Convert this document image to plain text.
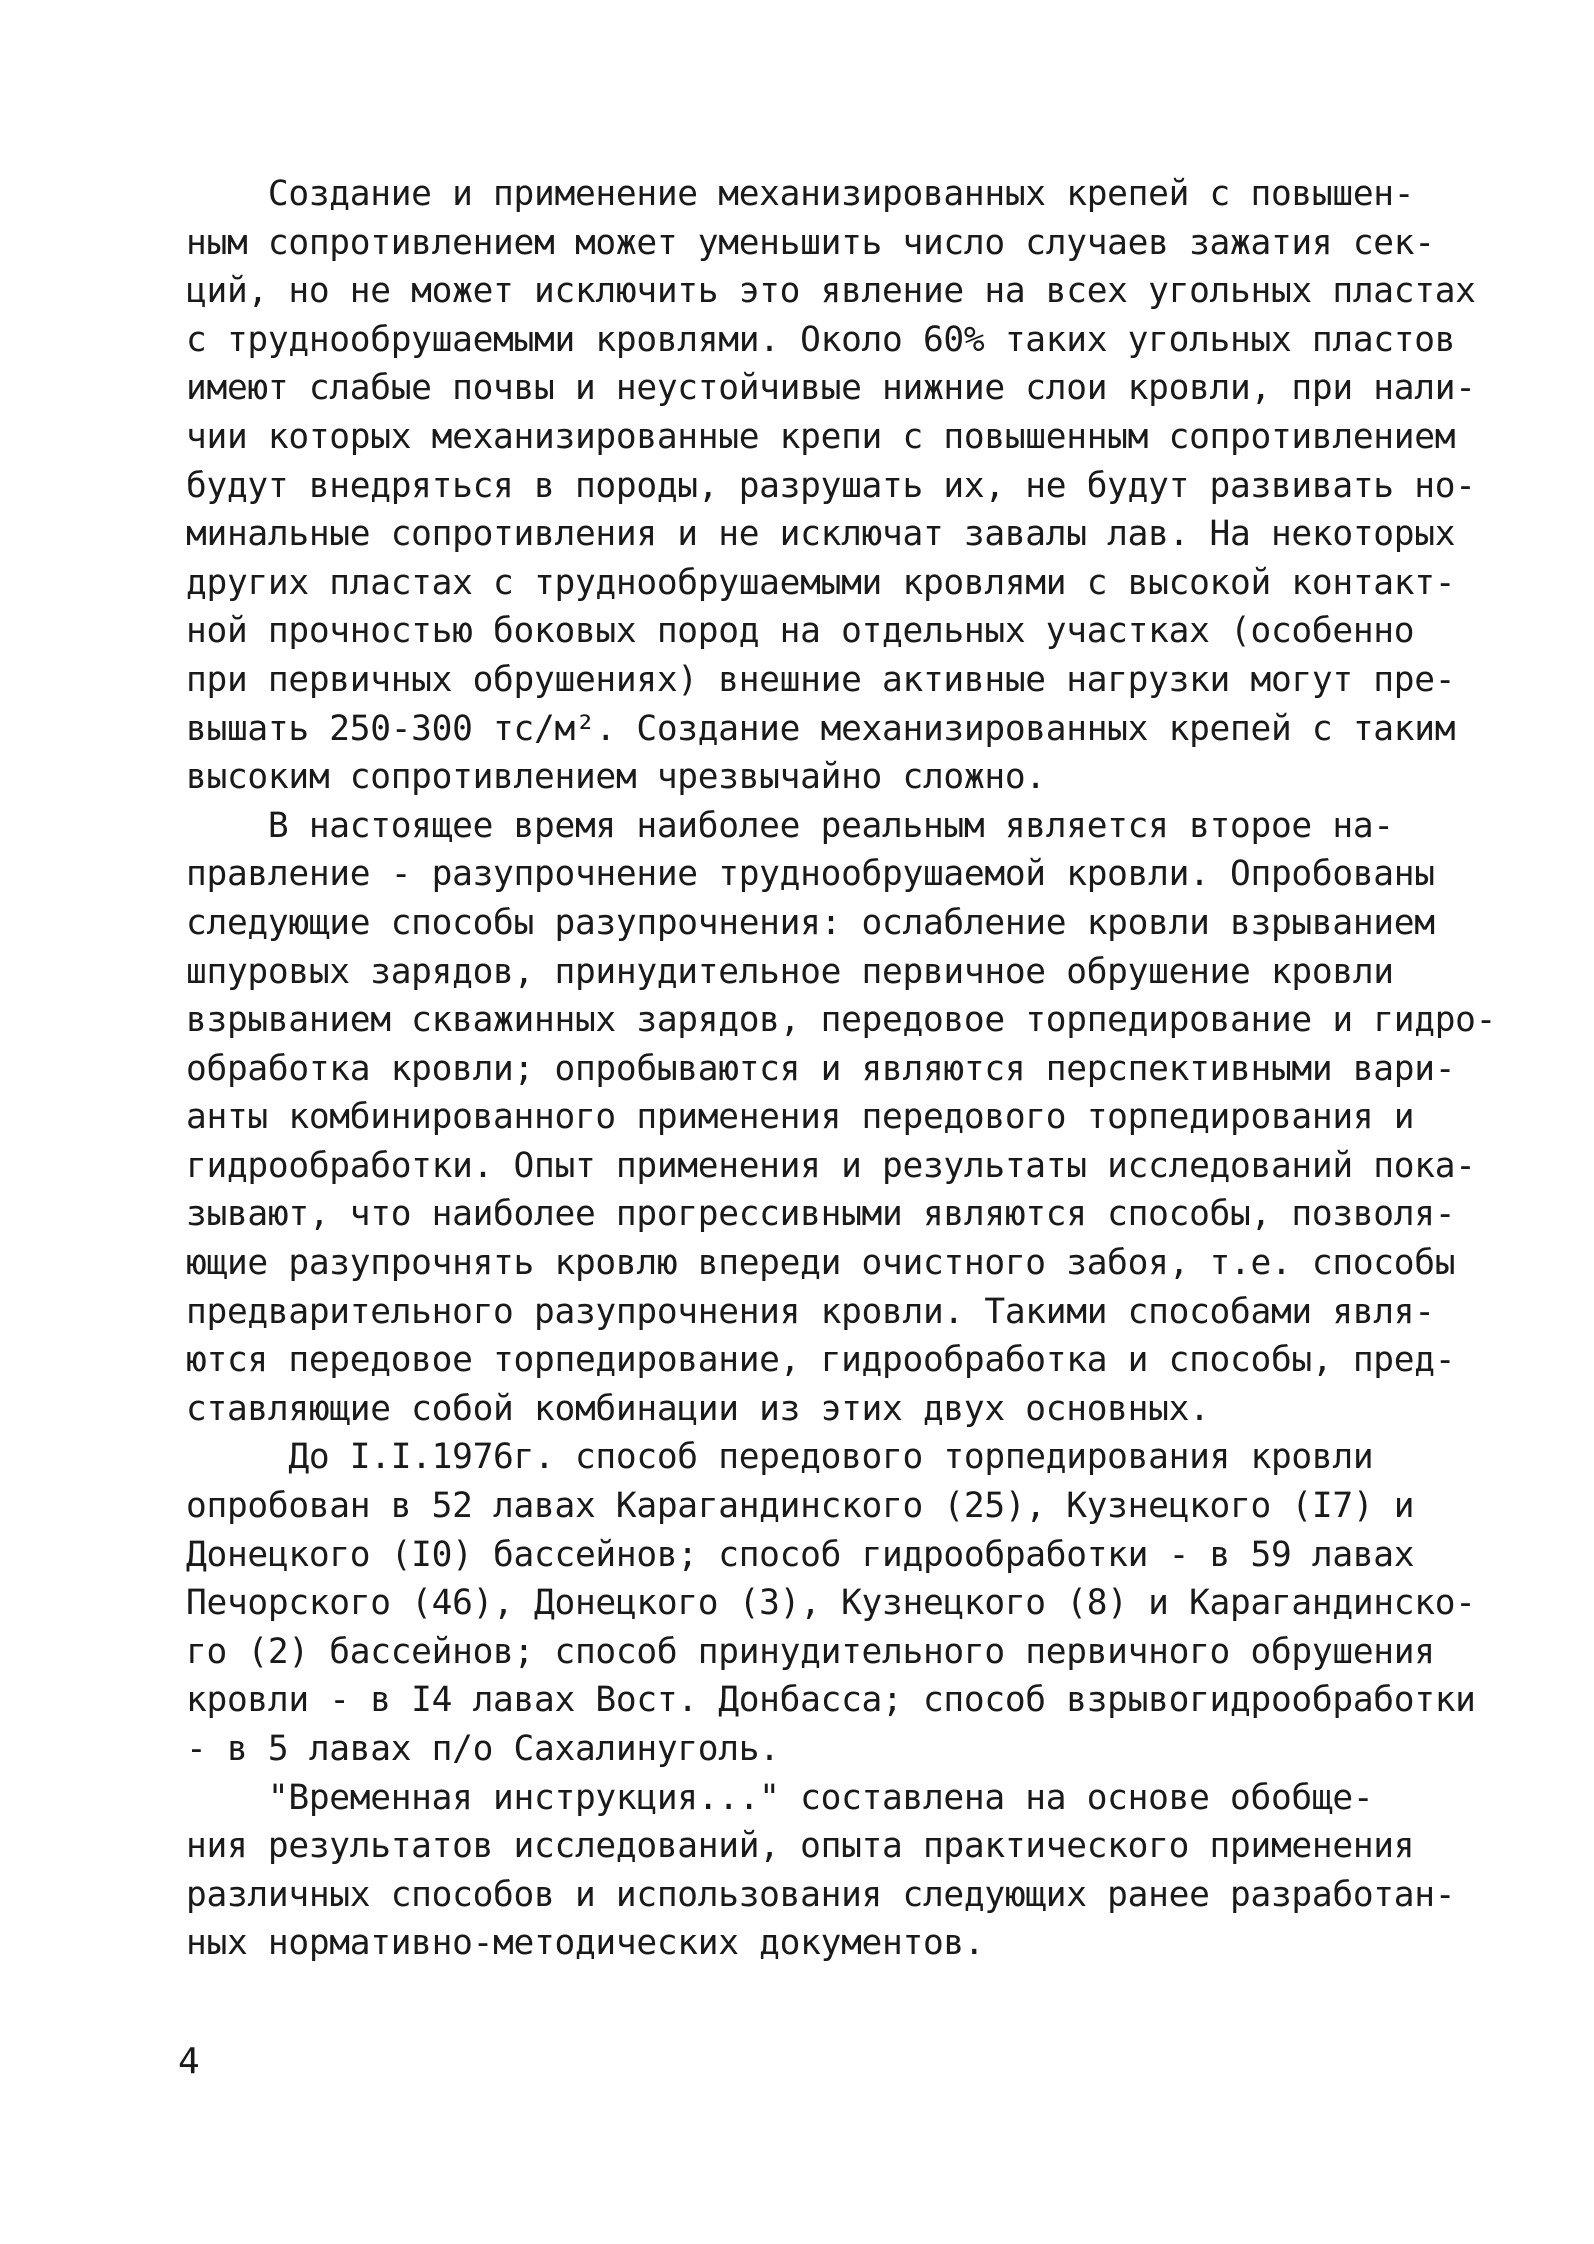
Создание и применение механизированных крепей с повышен-
ным сопротивлением может уменьшить число случаев зажатия сек-
ций, но не может исключить это явление на всех угольных пластах
с труднообрушаемыми кровлями. Около 60% таких угольных пластов
имеют слабые почвы и неустойчивые нижние слои кровли, при нали-
чии которых механизированные крепи с повышенным сопротивлением
будут внедряться в породы, разрушать их, не будут развивать но-
минальные сопротивления и не исключат завалы лав. На некоторых
других пластах с труднообрушаемыми кровлями с высокой контакт-
ной прочностью боковых пород на отдельных участках (особенно
при первичных обрушениях) внешние активные нагрузки могут пре-
вышать 250-300 тс/м². Создание механизированных крепей с таким
высоким сопротивлением чрезвычайно сложно.
В настоящее время наиболее реальным является второе на-
правление - разупрочнение труднообрушаемой кровли. Опробованы
следующие способы разупрочнения: ослабление кровли взрыванием
шпуровых зарядов, принудительное первичное обрушение кровли
взрыванием скважинных зарядов, передовое торпедирование и гидро-
обработка кровли; опробываются и являются перспективными вари-
анты комбинированного применения передового торпедирования и
гидрообработки. Опыт применения и результаты исследований пока-
зывают, что наиболее прогрессивными являются способы, позволя-
ющие разупрочнять кровлю впереди очистного забоя, т.е. способы
предварительного разупрочнения кровли. Такими способами явля-
ются передовое торпедирование, гидрообработка и способы, пред-
ставляющие собой комбинации из этих двух основных.
До I.I.1976г. способ передового торпедирования кровли
опробован в 52 лавах Карагандинского (25), Кузнецкого (I7) и
Донецкого (I0) бассейнов; способ гидрообработки - в 59 лавах
Печорского (46), Донецкого (3), Кузнецкого (8) и Карагандинско-
го (2) бассейнов; способ принудительного первичного обрушения
кровли - в I4 лавах Вост. Донбасса; способ взрывогидрообработки
- в 5 лавах п/о Сахалинуголь.
"Временная инструкция..." составлена на основе обобще-
ния результатов исследований, опыта практического применения
различных способов и использования следующих ранее разработан-
ных нормативно-методических документов.
4
